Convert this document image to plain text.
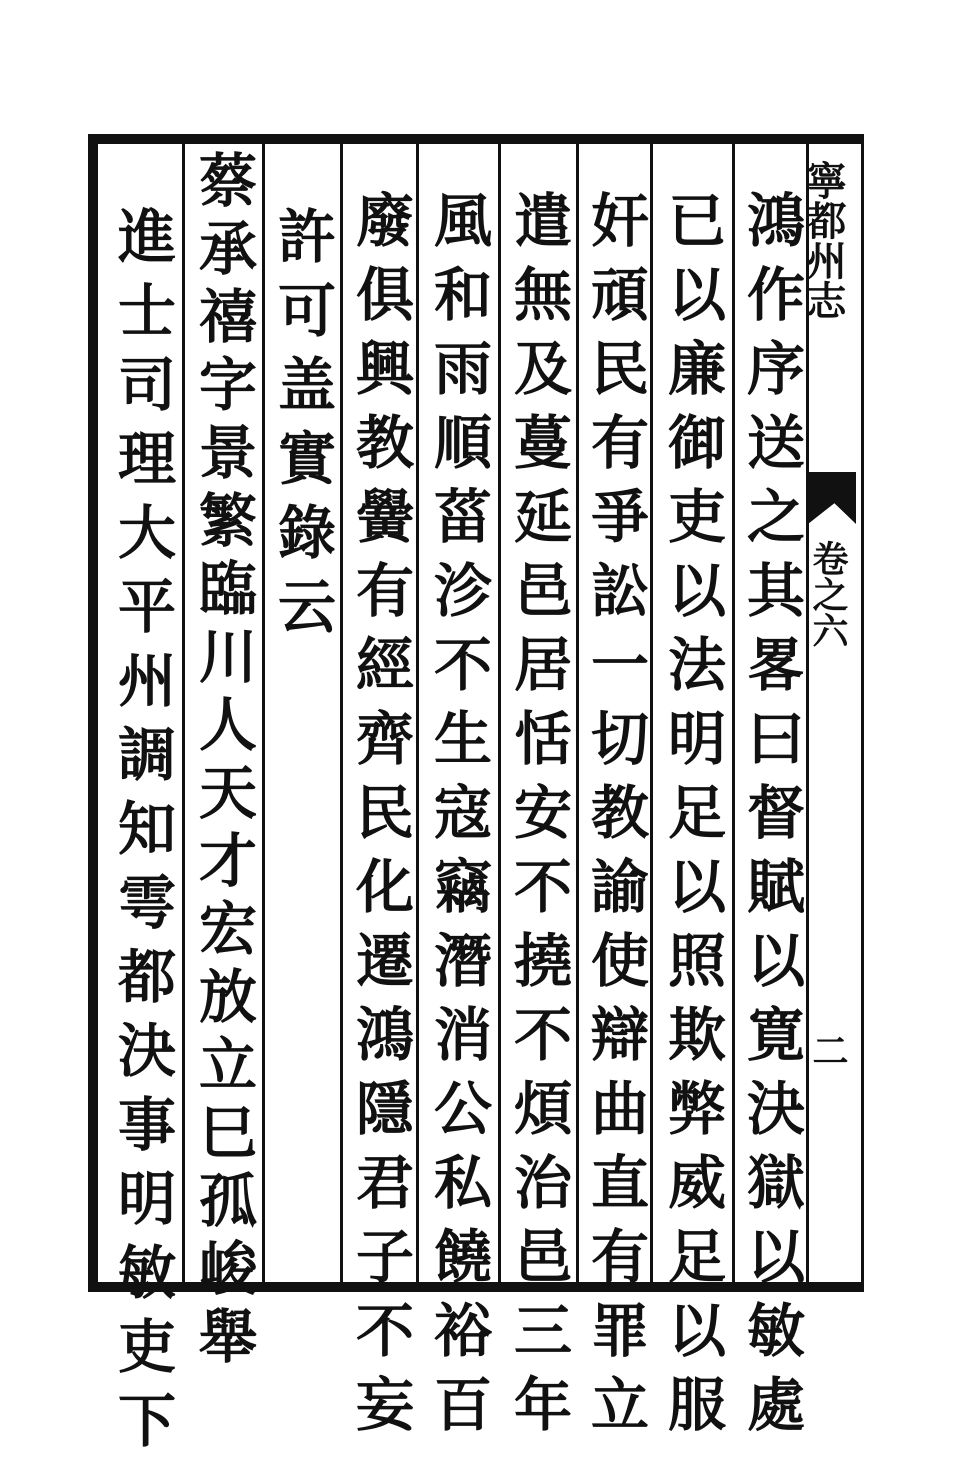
寧都州志
卷之六
二
鴻作序送之其畧曰督賦以寛決獄以敏處
已以廉御吏以法明足以照欺弊威足以服
奸頑民有爭訟一切教諭使辯曲直有罪立
遣無及蔓延邑居恬安不撓不煩治邑三年
風和雨順菑沴不生寇竊潛消公私饒裕百
廢俱興教黌有經齊民化遷鴻隱君子不妄
許可盖實錄云
蔡承禧字景繁臨川人天才宏放立巳孤峻舉
進士司理大平州調知雩都決事明敏吏下
